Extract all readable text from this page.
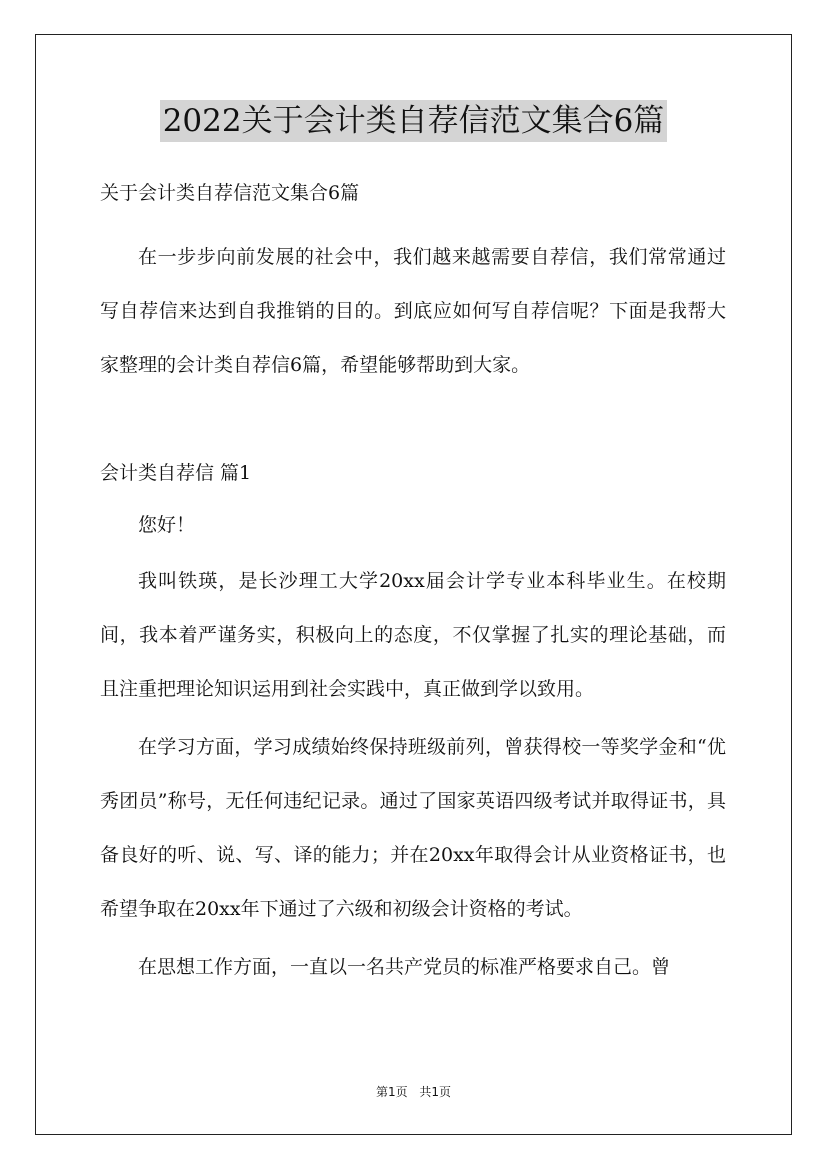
2022关于会计类自荐信范文集合6篇

关于会计类自荐信范文集合6篇

在一步步向前发展的社会中，我们越来越需要自荐信，我们常常通过写自荐信来达到自我推销的目的。到底应如何写自荐信呢？下面是我帮大家整理的会计类自荐信6篇，希望能够帮助到大家。

会计类自荐信 篇1

您好！

我叫铁瑛，是长沙理工大学20xx届会计学专业本科毕业生。在校期间，我本着严谨务实，积极向上的态度，不仅掌握了扎实的理论基础，而且注重把理论知识运用到社会实践中，真正做到学以致用。

在学习方面，学习成绩始终保持班级前列，曾获得校一等奖学金和“优秀团员”称号，无任何违纪记录。通过了国家英语四级考试并取得证书，具备良好的听、说、写、译的能力；并在20xx年取得会计从业资格证书，也希望争取在20xx年下通过了六级和初级会计资格的考试。

在思想工作方面，一直以一名共产党员的标准严格要求自己。曾

第1页 共1页
